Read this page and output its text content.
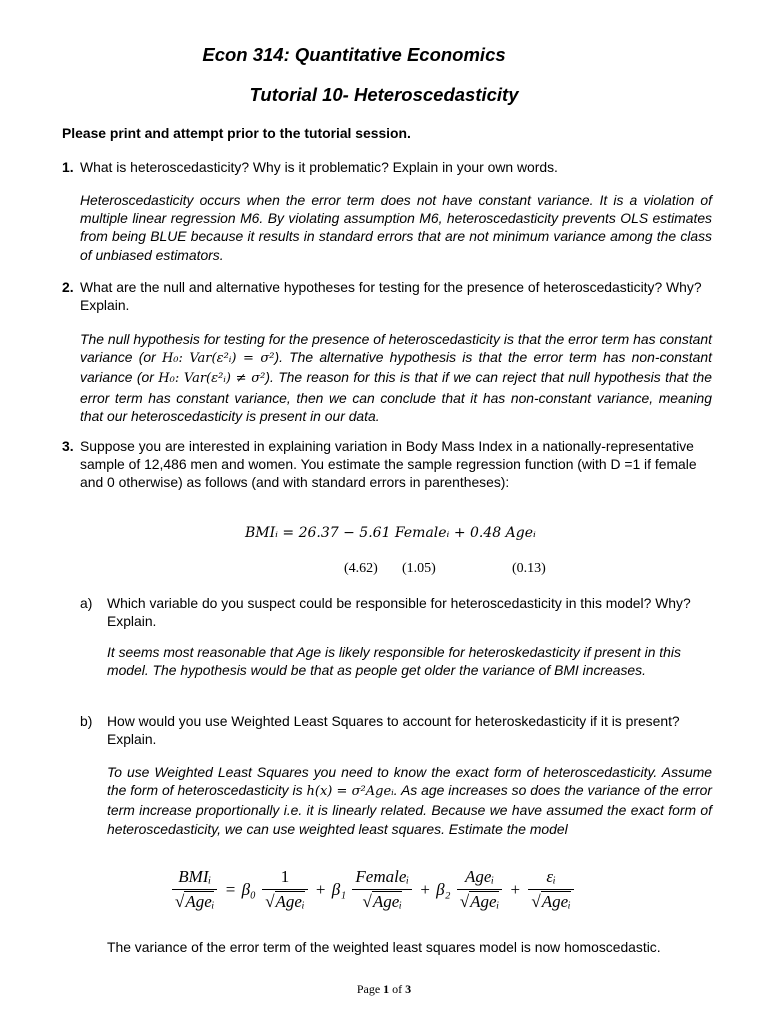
Econ 314: Quantitative Economics
Tutorial 10- Heteroscedasticity
Please print and attempt prior to the tutorial session.
1. What is heteroscedasticity? Why is it problematic? Explain in your own words.
Heteroscedasticity occurs when the error term does not have constant variance. It is a violation of multiple linear regression M6. By violating assumption M6, heteroscedasticity prevents OLS estimates from being BLUE because it results in standard errors that are not minimum variance among the class of unbiased estimators.
2. What are the null and alternative hypotheses for testing for the presence of heteroscedasticity? Why? Explain.
The null hypothesis for testing for the presence of heteroscedasticity is that the error term has constant variance (or H₀: Var(ε²ᵢ) = σ²). The alternative hypothesis is that the error term has non-constant variance (or H₀: Var(ε²ᵢ) ≠ σ²). The reason for this is that if we can reject that null hypothesis that the error term has constant variance, then we can conclude that it has non-constant variance, meaning that our heteroscedasticity is present in our data.
3. Suppose you are interested in explaining variation in Body Mass Index in a nationally-representative sample of 12,486 men and women. You estimate the sample regression function (with D =1 if female and 0 otherwise) as follows (and with standard errors in parentheses):
BMIᵢ = 26.37 − 5.61 Femaleᵢ + 0.48 Ageᵢ
(4.62) (1.05)	(0.13)
a) Which variable do you suspect could be responsible for heteroscedasticity in this model? Why? Explain.
It seems most reasonable that Age is likely responsible for heteroskedasticity if present in this model. The hypothesis would be that as people get older the variance of BMI increases.
b) How would you use Weighted Least Squares to account for heteroskedasticity if it is present? Explain.
To use Weighted Least Squares you need to know the exact form of heteroscedasticity. Assume the form of heteroscedasticity is h(x) = σ²Ageᵢ. As age increases so does the variance of the error term increase proportionally i.e. it is linearly related. Because we have assumed the exact form of heteroscedasticity, we can use weighted least squares. Estimate the model
$\frac{\text{BMIᵢ}}{\text{√Ageᵢ}} = \beta_0 \frac{1}{\text{√Ageᵢ}} + \beta_1 \frac{\text{Femaleᵢ}}{\text{√Ageᵢ}} + \beta_2 \frac{\text{Ageᵢ}}{\text{√Ageᵢ}} + \frac{\text{εᵢ}}{\text{√Ageᵢ}}$
The variance of the error term of the weighted least squares model is now homoscedastic.
Page 1 of 3
